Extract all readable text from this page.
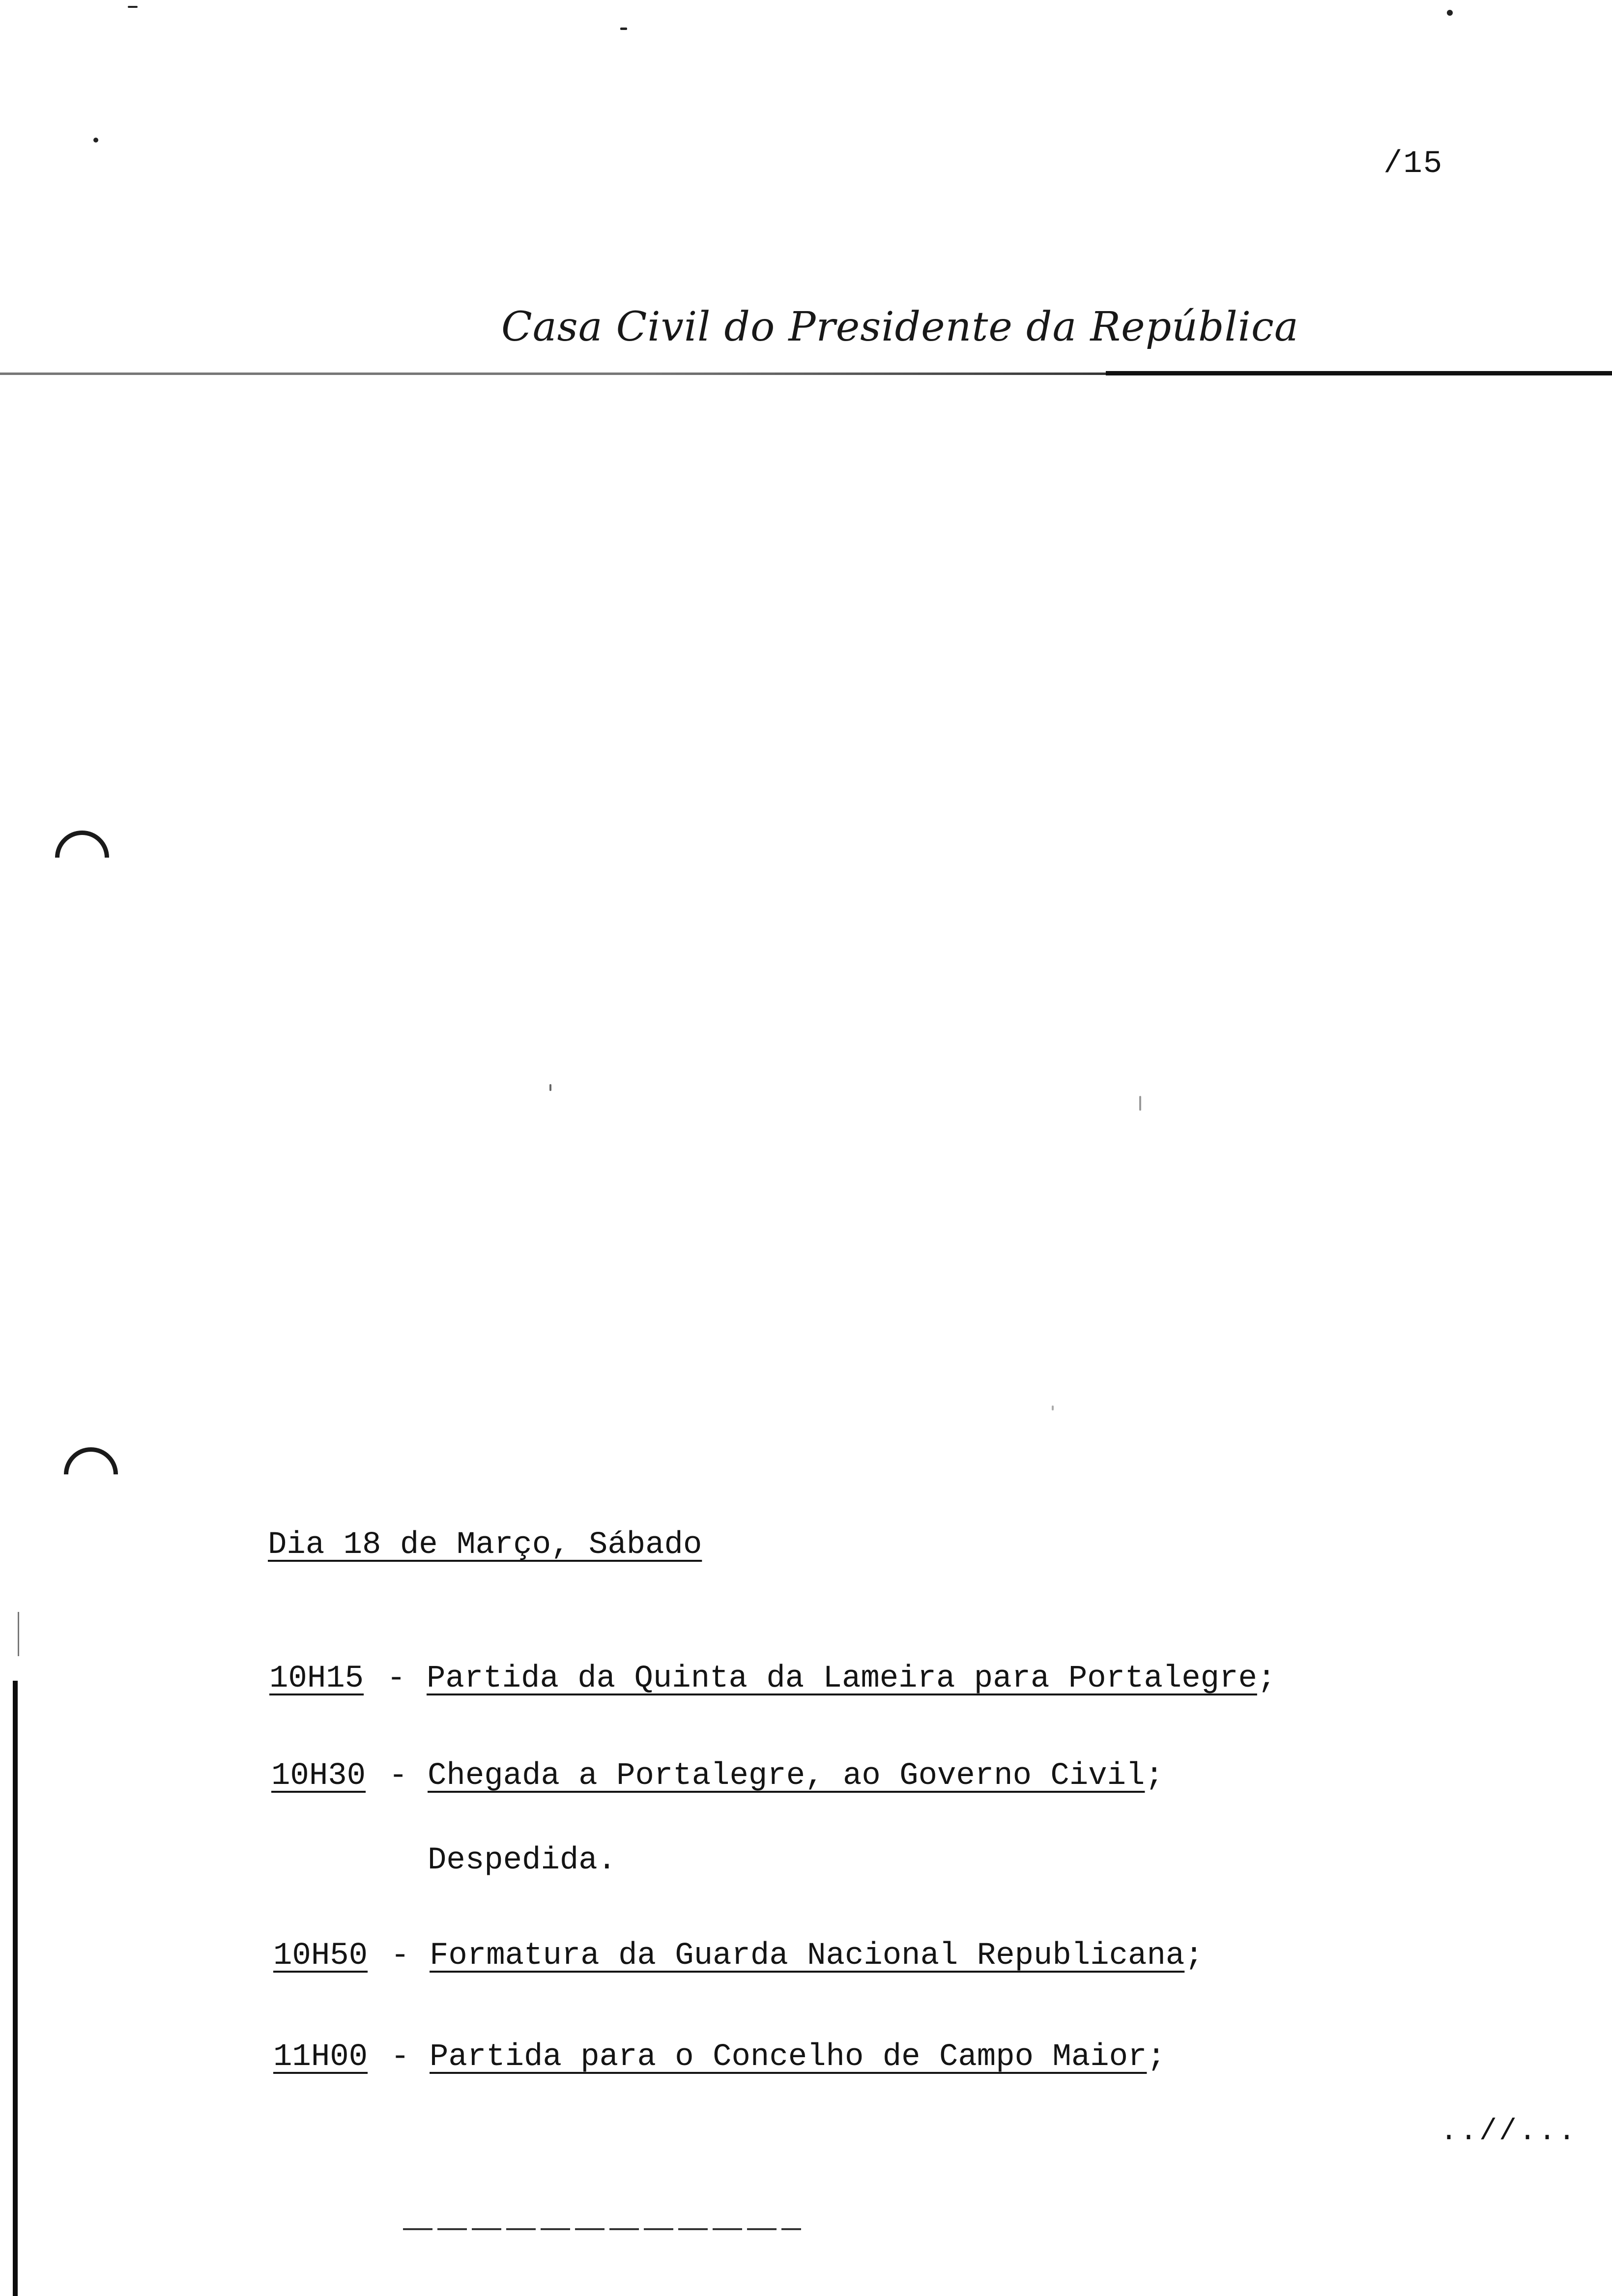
/15
Casa Civil do Presidente da República
Dia 18 de Março, Sábado
10H15 - Partida da Quinta da Lameira para Portalegre;
10H30 - Chegada a Portalegre, ao Governo Civil;
Despedida.
10H50 - Formatura da Guarda Nacional Republicana;
11H00 - Partida para o Concelho de Campo Maior;
..//...
